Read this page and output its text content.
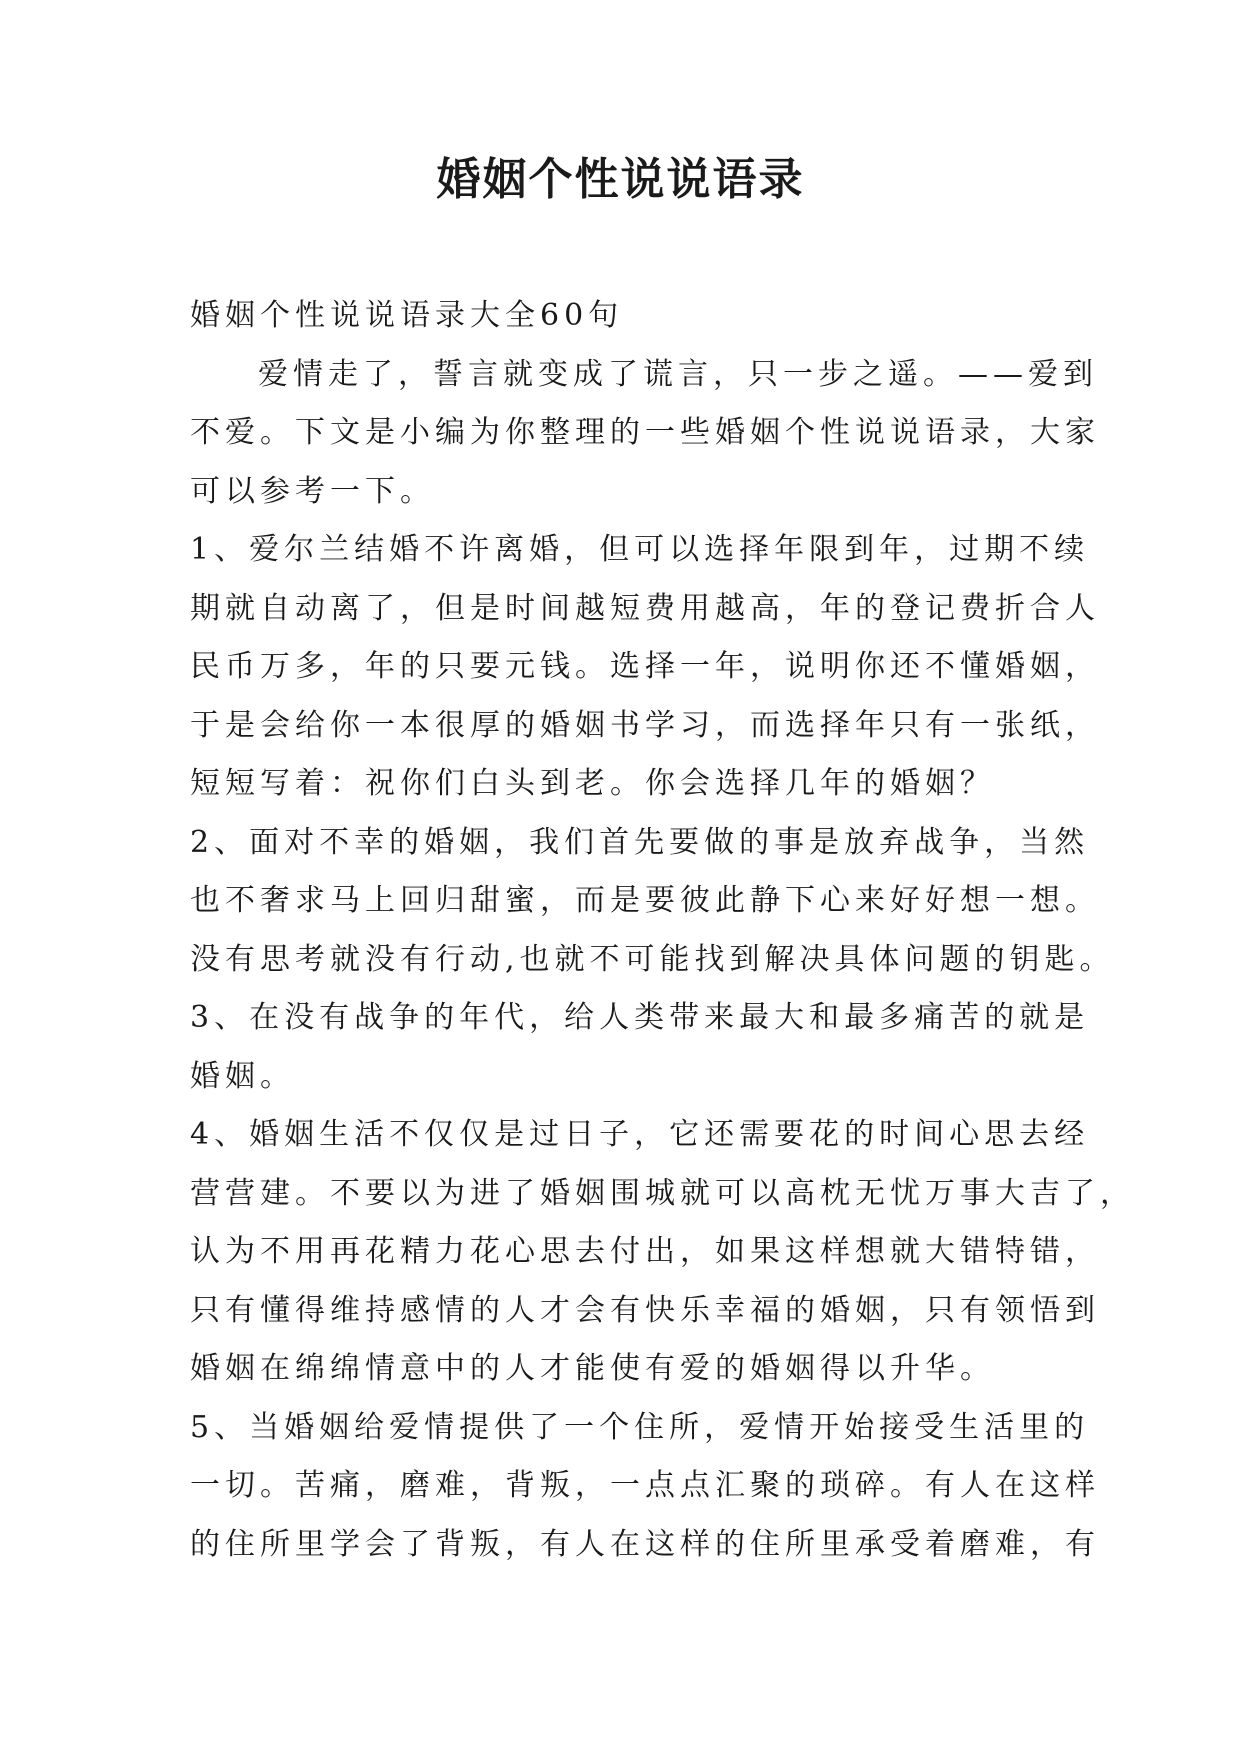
婚姻个性说说语录
婚姻个性说说语录大全60句
爱情走了，誓言就变成了谎言，只一步之遥。——爱到
不爱。下文是小编为你整理的一些婚姻个性说说语录，大家
可以参考一下。
1、爱尔兰结婚不许离婚，但可以选择年限到年，过期不续
期就自动离了，但是时间越短费用越高，年的登记费折合人
民币万多，年的只要元钱。选择一年，说明你还不懂婚姻，
于是会给你一本很厚的婚姻书学习，而选择年只有一张纸，
短短写着：祝你们白头到老。你会选择几年的婚姻？
2、面对不幸的婚姻，我们首先要做的事是放弃战争，当然
也不奢求马上回归甜蜜，而是要彼此静下心来好好想一想。
没有思考就没有行动,也就不可能找到解决具体问题的钥匙。
3、在没有战争的年代，给人类带来最大和最多痛苦的就是
婚姻。
4、婚姻生活不仅仅是过日子，它还需要花的时间心思去经
营营建。不要以为进了婚姻围城就可以高枕无忧万事大吉了，
认为不用再花精力花心思去付出，如果这样想就大错特错，
只有懂得维持感情的人才会有快乐幸福的婚姻，只有领悟到
婚姻在绵绵情意中的人才能使有爱的婚姻得以升华。
5、当婚姻给爱情提供了一个住所，爱情开始接受生活里的
一切。苦痛，磨难，背叛，一点点汇聚的琐碎。有人在这样
的住所里学会了背叛，有人在这样的住所里承受着磨难，有
